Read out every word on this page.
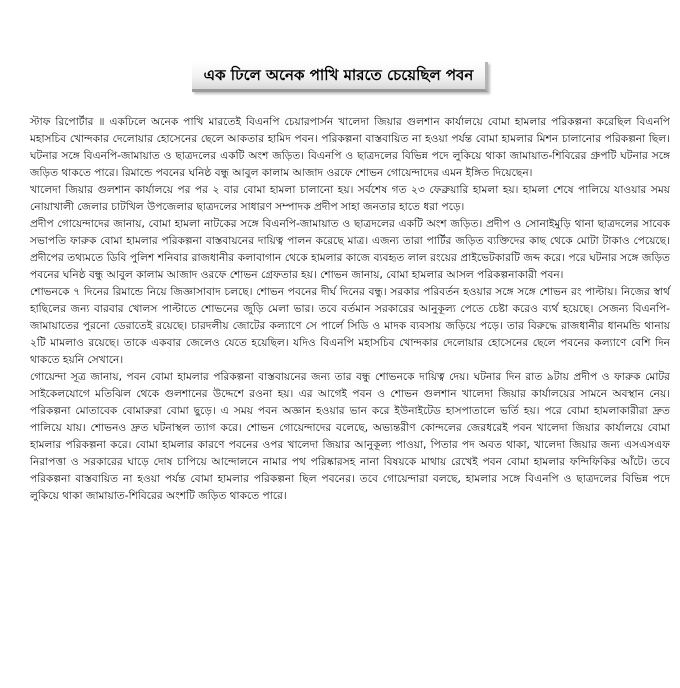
এক ঢিলে অনেক পাখি মারতে চেয়েছিল পবন

স্টাফ রিপোর্টার ॥ একঢিলে অনেক পাখি মারতেই বিএনপি চেয়ারপার্সন খালেদা জিয়ার গুলশান কার্যালয়ে বোমা হামলার পরিকল্পনা করেছিল বিএনপি মহাসচিব খোন্দকার দেলোয়ার হোসেনের ছেলে আকতার হামিদ পবন। পরিকল্পনা বাস্তবায়িত না হওয়া পর্যন্ত বোমা হামলার মিশন চালানোর পরিকল্পনা ছিল। ঘটনার সঙ্গে বিএনপি-জামায়াত ও ছাত্রদলের একটি অংশ জড়িত। বিএনপি ও ছাত্রদলের বিভিন্ন পদে লুকিয়ে থাকা জামায়াত-শিবিরের গ্রুপটি ঘটনার সঙ্গে জড়িত থাকতে পারে। রিমান্ডে পবনের ঘনিষ্ঠ বন্ধু আবুল কালাম আজাদ ওরফে শোভন গোয়েন্দাদের এমন ইঙ্গিত দিয়েছেন।

খালেদা জিয়ার গুলশান কার্যালয়ে পর পর ২ বার বোমা হামলা চালানো হয়। সর্বশেষ গত ২৩ ফেব্রুয়ারি হামলা হয়। হামলা শেষে পালিয়ে যাওয়ার সময় নোয়াখালী জেলার চাটখিল উপজেলার ছাত্রদলের সাধারণ সম্পাদক প্রদীপ সাহা জনতার হাতে ধরা পড়ে।

প্রদীপ গোয়েন্দাদের জানায়, বোমা হামলা নাটকের সঙ্গে বিএনপি-জামায়াত ও ছাত্রদলের একটি অংশ জড়িত। প্রদীপ ও সোনাইমুড়ি থানা ছাত্রদলের সাবেক সভাপতি ফারুক বোমা হামলার পরিকল্পনা বাস্তবায়নের দায়িত্ব পালন করেছে মাত্র। এজন্য তারা পার্টির জড়িত ব্যক্তিদের কাছ থেকে মোটা টাকাও পেয়েছে। প্রদীপের তথ্যমতে ডিবি পুলিশ শনিবার রাজধানীর কলাবাগান থেকে হামলার কাজে ব্যবহৃত লাল রংয়ের প্রাইভেটকারটি জব্দ করে। পরে ঘটনার সঙ্গে জড়িত পবনের ঘনিষ্ঠ বন্ধু আবুল কালাম আজাদ ওরফে শোভন গ্রেফতার হয়। শোভন জানায়, বোমা হামলার আসল পরিকল্পনাকারী পবন।

শোভনকে ৭ দিনের রিমান্ডে নিয়ে জিজ্ঞাসাবাদ চলছে। শোভন পবনের দীর্ঘ দিনের বন্ধু। সরকার পরিবর্তন হওয়ার সঙ্গে সঙ্গে শোভন রং পাল্টায়। নিজের স্বার্থ হাছিলের জন্য বারবার খোলস পাল্টাতে শোভনের জুড়ি মেলা ভার। তবে বর্তমান সরকারের আনুকূল্য পেতে চেষ্টা করেও ব্যর্থ হয়েছে। সেজন্য বিএনপি-জামায়াতের পুরনো ডেরাতেই রয়েছে। চারদলীয় জোটের কল্যাণে সে পার্লে সিডি ও মাদক ব্যবসায় জড়িয়ে পড়ে। তার বিরুদ্ধে রাজধানীর ধানমন্ডি থানায় ২টি মামলাও রয়েছে। তাকে একবার জেলেও যেতে হয়েছিল। যদিও বিএনপি মহাসচিব খোন্দকার দেলোয়ার হোসেনের ছেলে পবনের কল্যাণে বেশি দিন থাকতে হয়নি সেখানে।

গোয়েন্দা সূত্র জানায়, পবন বোমা হামলার পরিকল্পনা বাস্তবায়নের জন্য তার বন্ধু শোভনকে দায়িত্ব দেয়। ঘটনার দিন রাত ৯টায় প্রদীপ ও ফারুক মোটর সাইকেলযোগে মতিঝিল থেকে গুলশানের উদ্দেশে রওনা হয়। এর আগেই পবন ও শোভন গুলশান খালেদা জিয়ার কার্যালয়ের সামনে অবস্থান নেয়। পরিকল্পনা মোতাবেক বোমারুরা বোমা ছুড়ে। এ সময় পবন অজ্ঞান হওয়ার ভান করে ইউনাইটেড হাসপাতালে ভর্তি হয়। পরে বোমা হামলাকারীরা দ্রুত পালিয়ে যায়। শোভনও দ্রুত ঘটনাস্থল ত্যাগ করে। শোভন গোয়েন্দাদের বলেছে, অভ্যন্তরীণ কোন্দলের জেরধরেই পবন খালেদা জিয়ার কার্যালয়ে বোমা হামলার পরিকল্পনা করে। বোমা হামলার কারণে পবনের ওপর খালেদা জিয়ার আনুকূল্য পাওয়া, পিতার পদ অবত থাকা, খালেদা জিয়ার জন্য এসএসএফ নিরাপত্তা ও সরকারের ঘাড়ে দোষ চাপিয়ে আন্দোলনে নামার পথ পরিষ্কারসহ নানা বিষয়কে মাথায় রেখেই পবন বোমা হামলার ফন্দিফিকির আঁটে। তবে পরিকল্পনা বাস্তবায়িত না হওয়া পর্যন্ত বোমা হামলার পরিকল্পনা ছিল পবনের। তবে গোয়েন্দারা বলছে, হামলার সঙ্গে বিএনপি ও ছাত্রদলের বিভিন্ন পদে লুকিয়ে থাকা জামায়াত-শিবিরের অংশটি জড়িত থাকতে পারে।
